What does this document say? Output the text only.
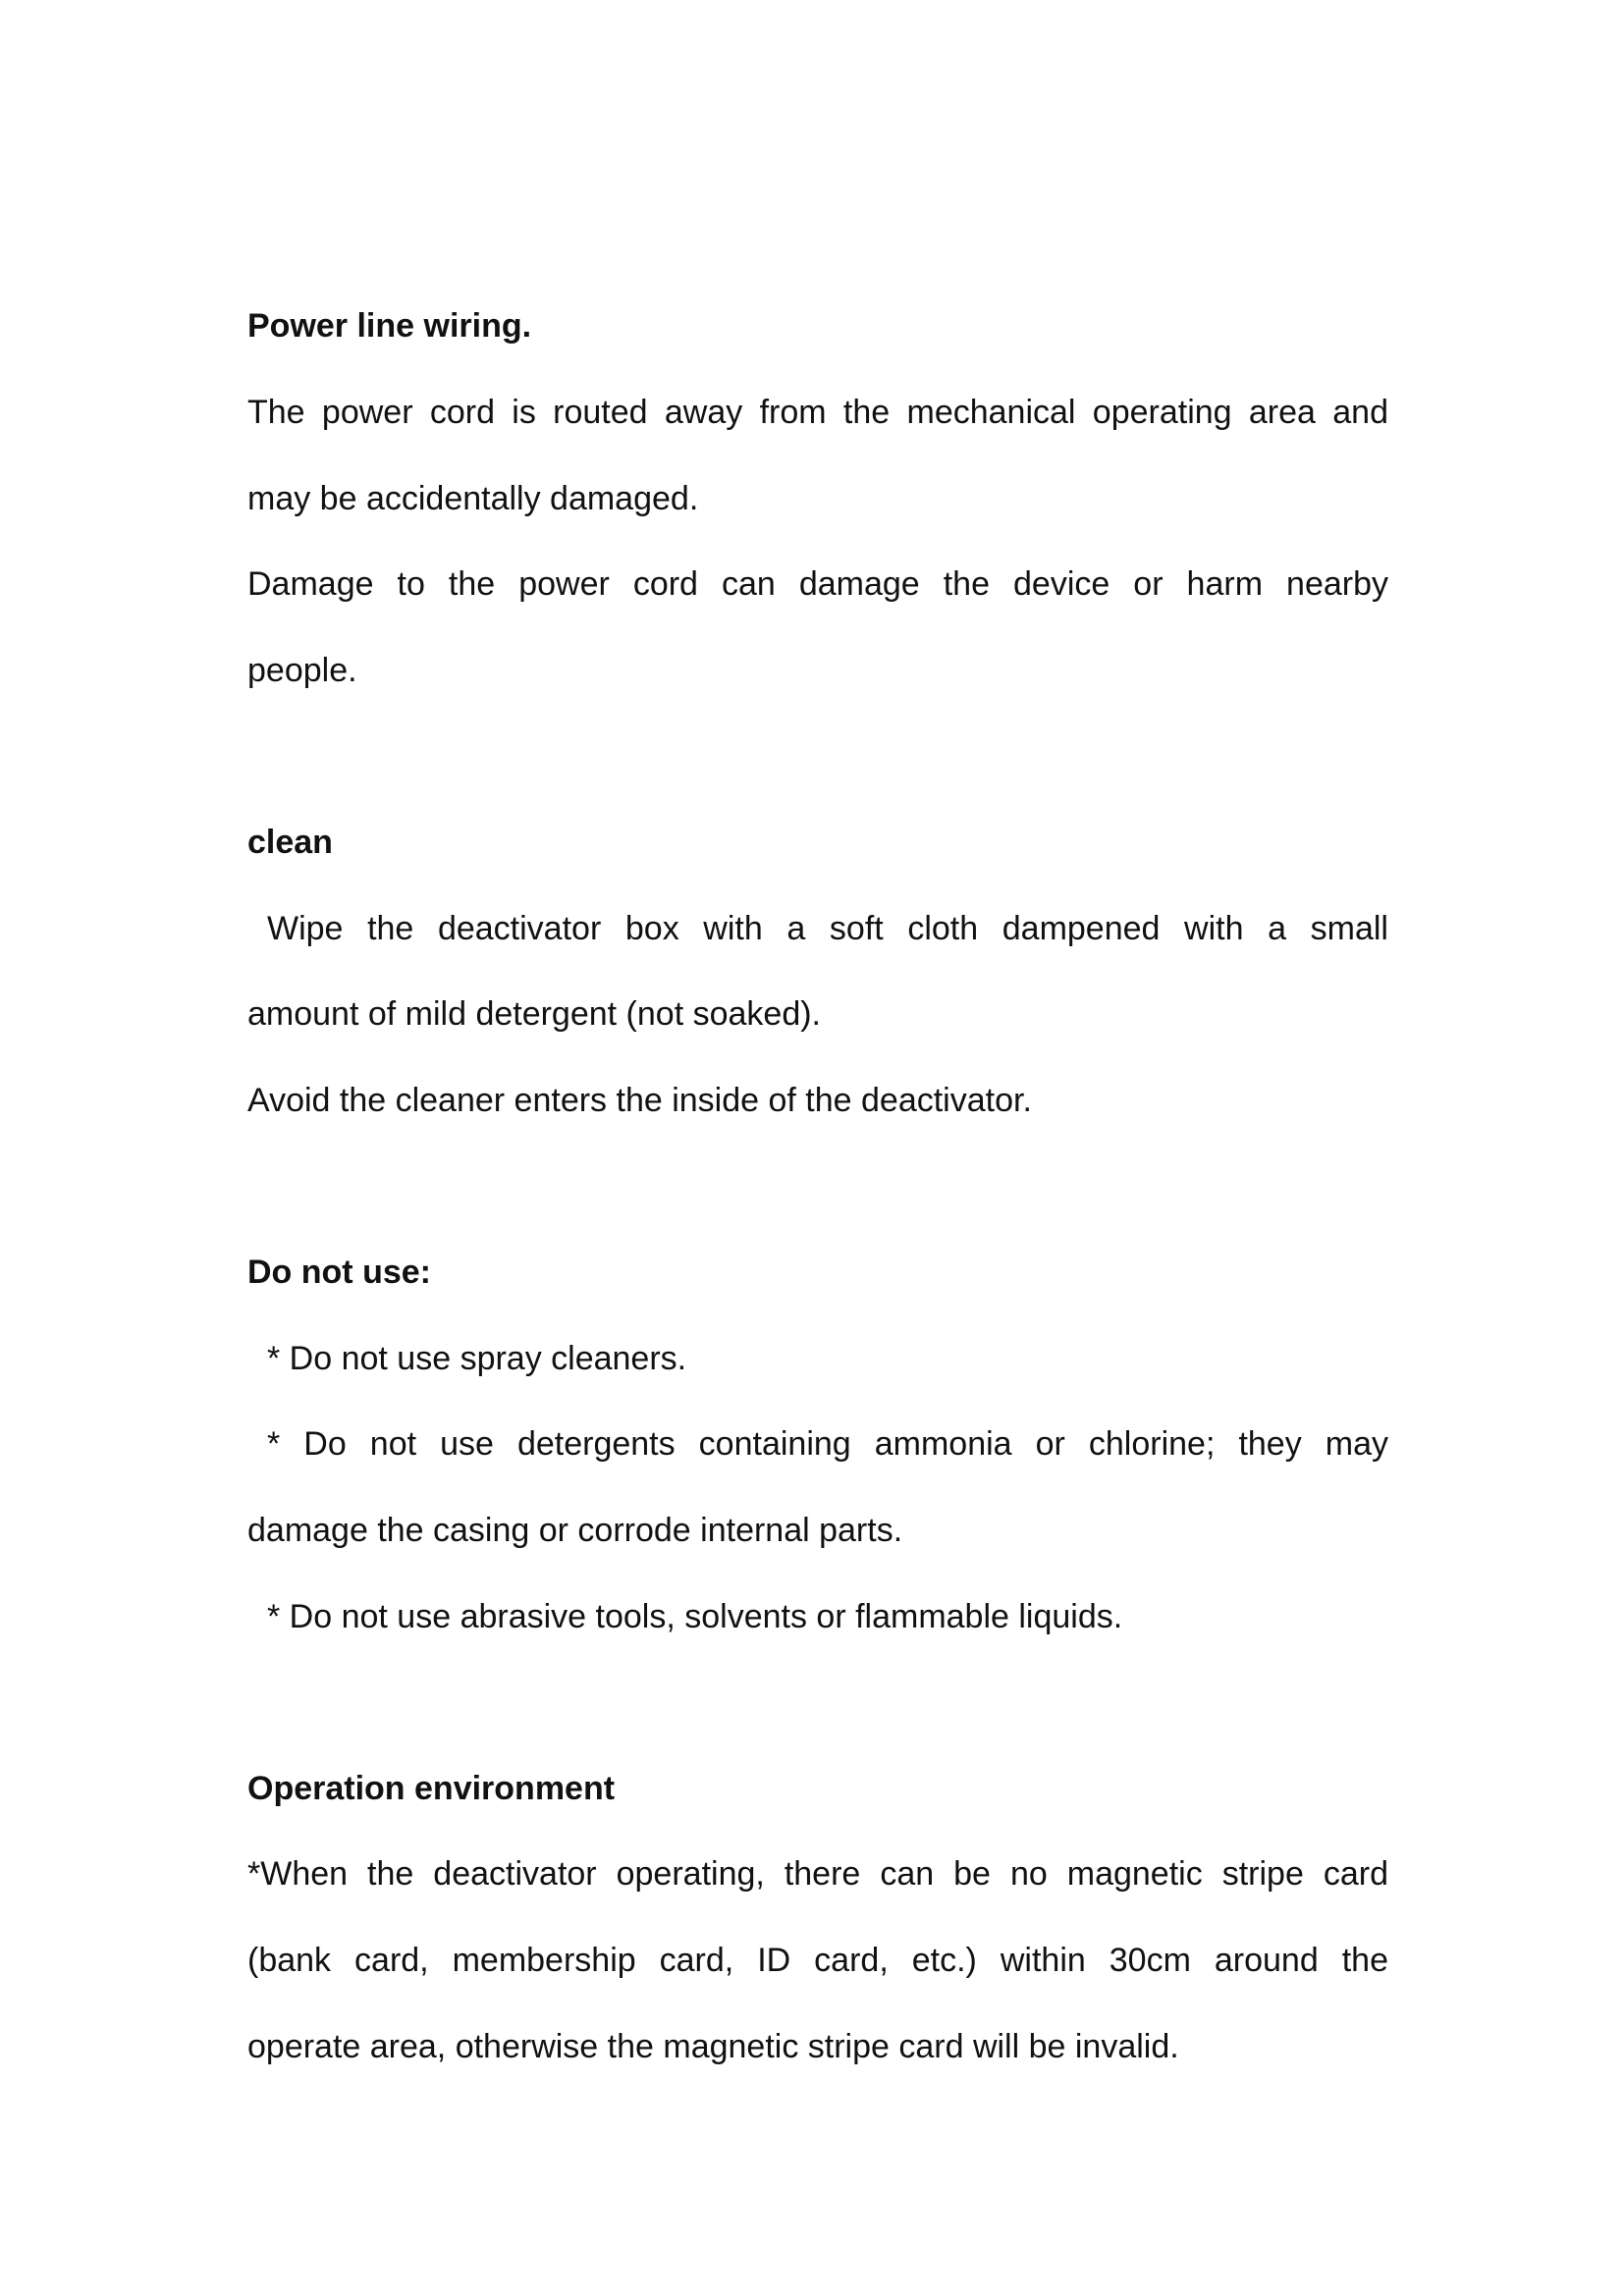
Power line wiring.
The power cord is routed away from the mechanical operating area and
may be accidentally damaged.
Damage to the power cord can damage the device or harm nearby
people.
clean
Wipe the deactivator box with a soft cloth dampened with a small
amount of mild detergent (not soaked).
Avoid the cleaner enters the inside of the deactivator.
Do not use:
* Do not use spray cleaners.
* Do not use detergents containing ammonia or chlorine; they may
damage the casing or corrode internal parts.
* Do not use abrasive tools, solvents or flammable liquids.
Operation environment
*When the deactivator operating, there can be no magnetic stripe card
(bank card, membership card, ID card, etc.) within 30cm around the
operate area, otherwise the magnetic stripe card will be invalid.
